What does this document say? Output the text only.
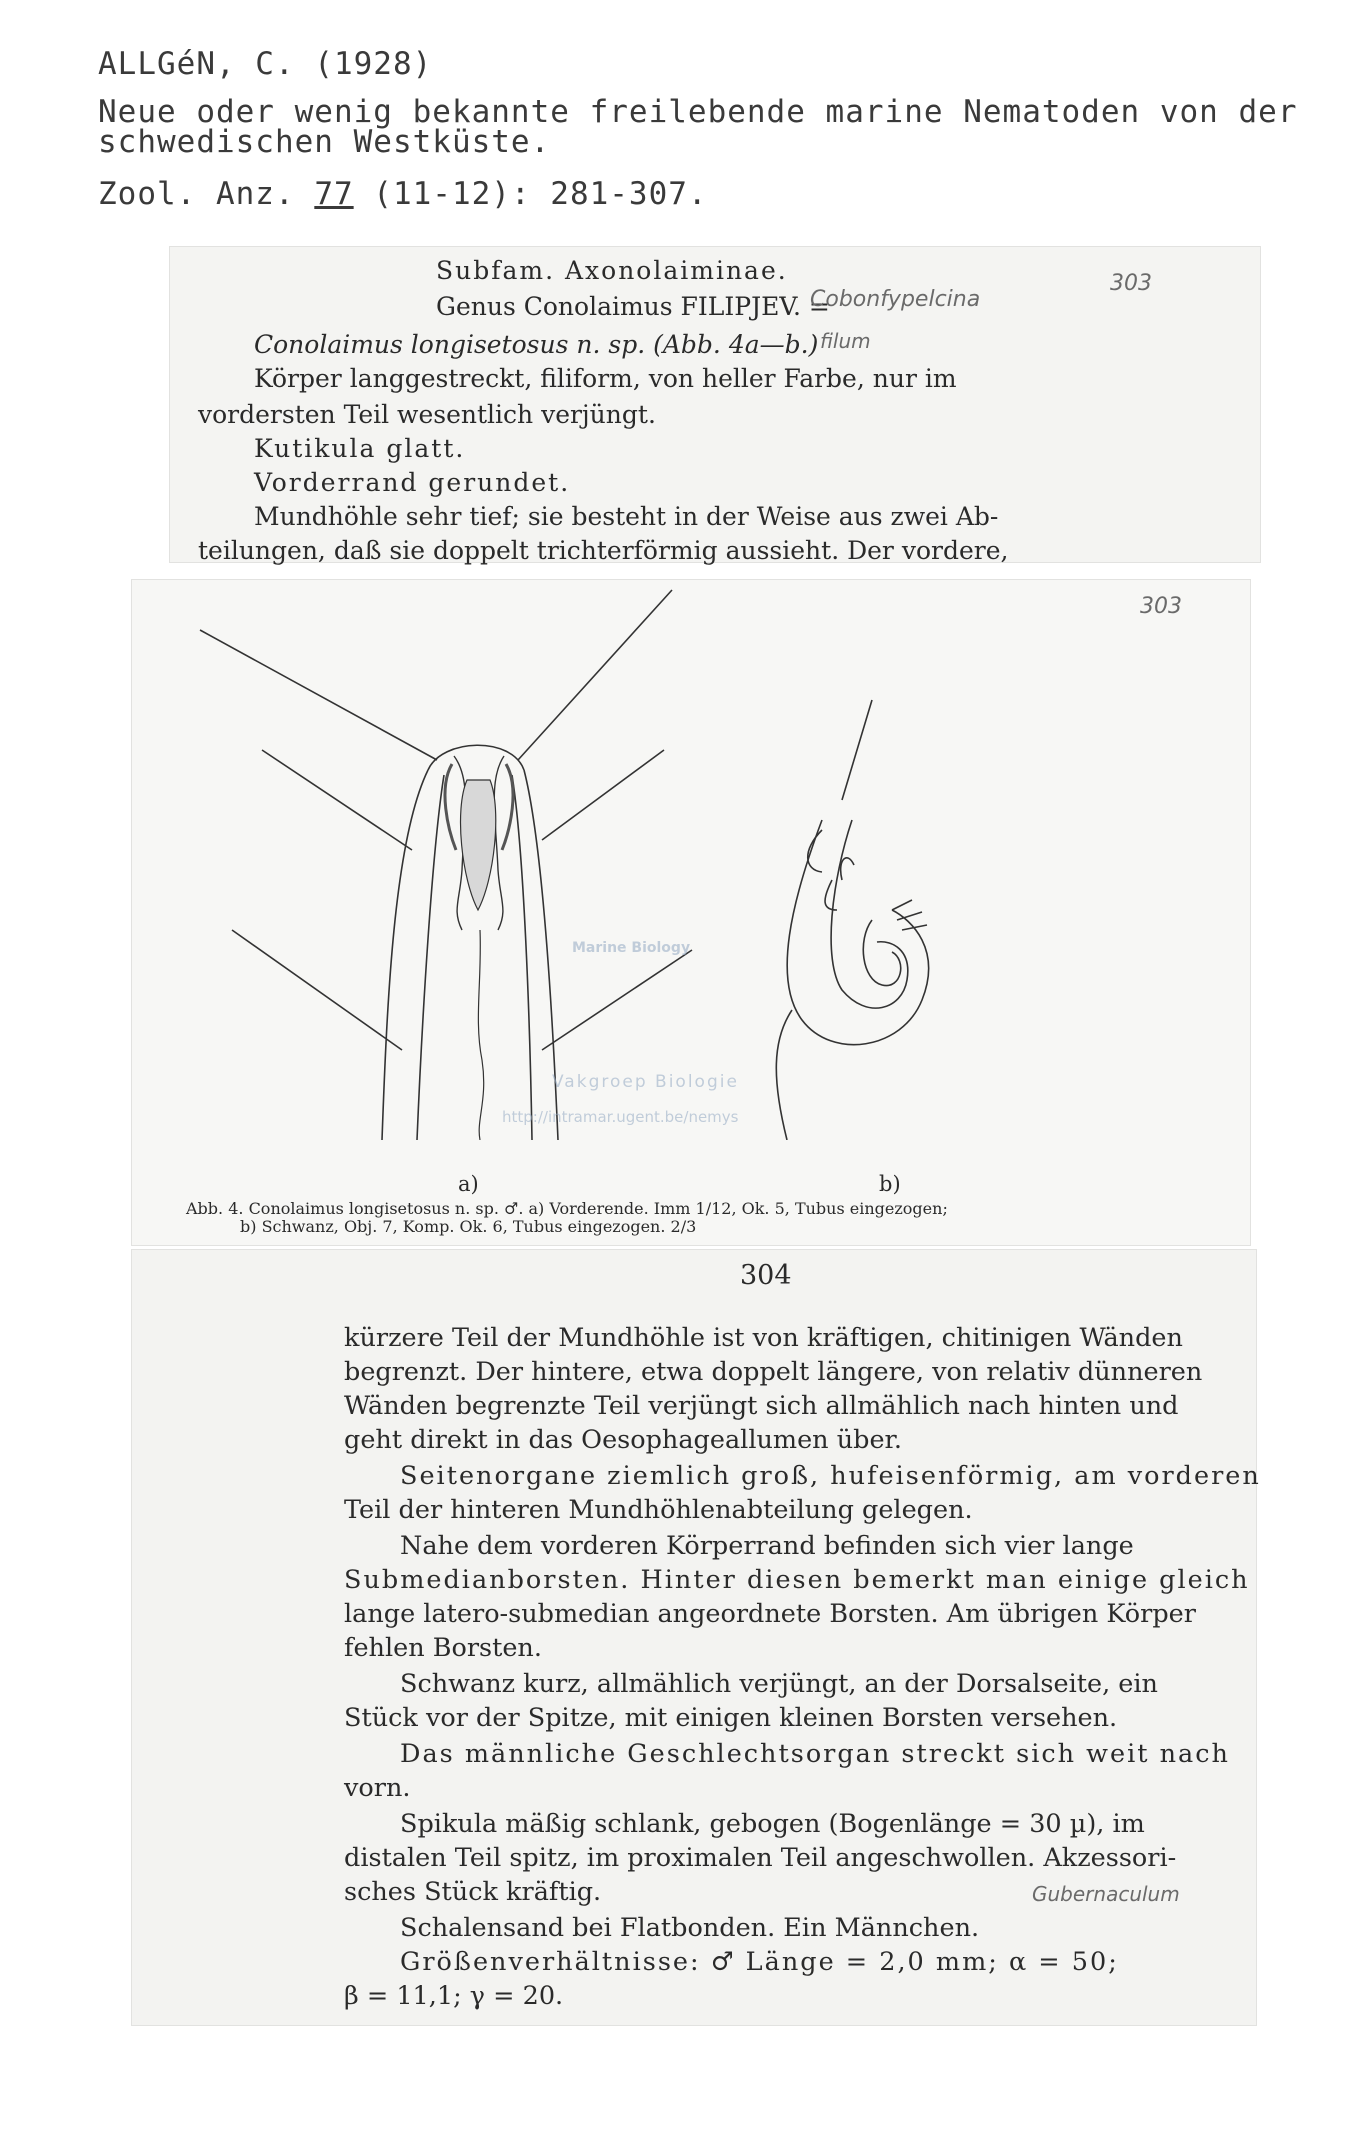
ALLGéN, C. (1928)
Neue oder wenig bekannte freilebende marine Nematoden von der
schwedischen Westküste.
Zool. Anz. 77 (11-12): 281-307.
Subfam. Axonolaiminae.
Genus Conolaimus FILIPJEV. =
Cobonfypelcina
303
Conolaimus longisetosus n. sp. (Abb. 4a—b.) filum
Körper langgestreckt, filiform, von heller Farbe, nur im
vordersten Teil wesentlich verjüngt.
Kutikula glatt.
Vorderrand gerundet.
Mundhöhle sehr tief; sie besteht in der Weise aus zwei Ab-
teilungen, daß sie doppelt trichterförmig aussieht. Der vordere,
303
Marine Biology
Vakgroep Biologie
http://intramar.ugent.be/nemys
a)	b)
Abb. 4. Conolaimus longisetosus n. sp. ♂. a) Vorderende. Imm 1/12, Ok. 5, Tubus eingezogen;
b) Schwanz, Obj. 7, Komp. Ok. 6, Tubus eingezogen. 2/3
304
kürzere Teil der Mundhöhle ist von kräftigen, chitinigen Wänden
begrenzt. Der hintere, etwa doppelt längere, von relativ dünneren
Wänden begrenzte Teil verjüngt sich allmählich nach hinten und
geht direkt in das Oesophageallumen über.
Seitenorgane ziemlich groß, hufeisenförmig, am vorderen
Teil der hinteren Mundhöhlenabteilung gelegen.
Nahe dem vorderen Körperrand befinden sich vier lange
Submedianborsten. Hinter diesen bemerkt man einige gleich
lange latero-submedian angeordnete Borsten. Am übrigen Körper
fehlen Borsten.
Schwanz kurz, allmählich verjüngt, an der Dorsalseite, ein
Stück vor der Spitze, mit einigen kleinen Borsten versehen.
Das männliche Geschlechtsorgan streckt sich weit nach
vorn.
Spikula mäßig schlank, gebogen (Bogenlänge = 30 µ), im
distalen Teil spitz, im proximalen Teil angeschwollen. Akzessori-
sches Stück kräftig.	Gubernaculum
Schalensand bei Flatbonden. Ein Männchen.
Größenverhältnisse: ♂ Länge = 2,0 mm; α = 50;
β = 11,1; γ = 20.
